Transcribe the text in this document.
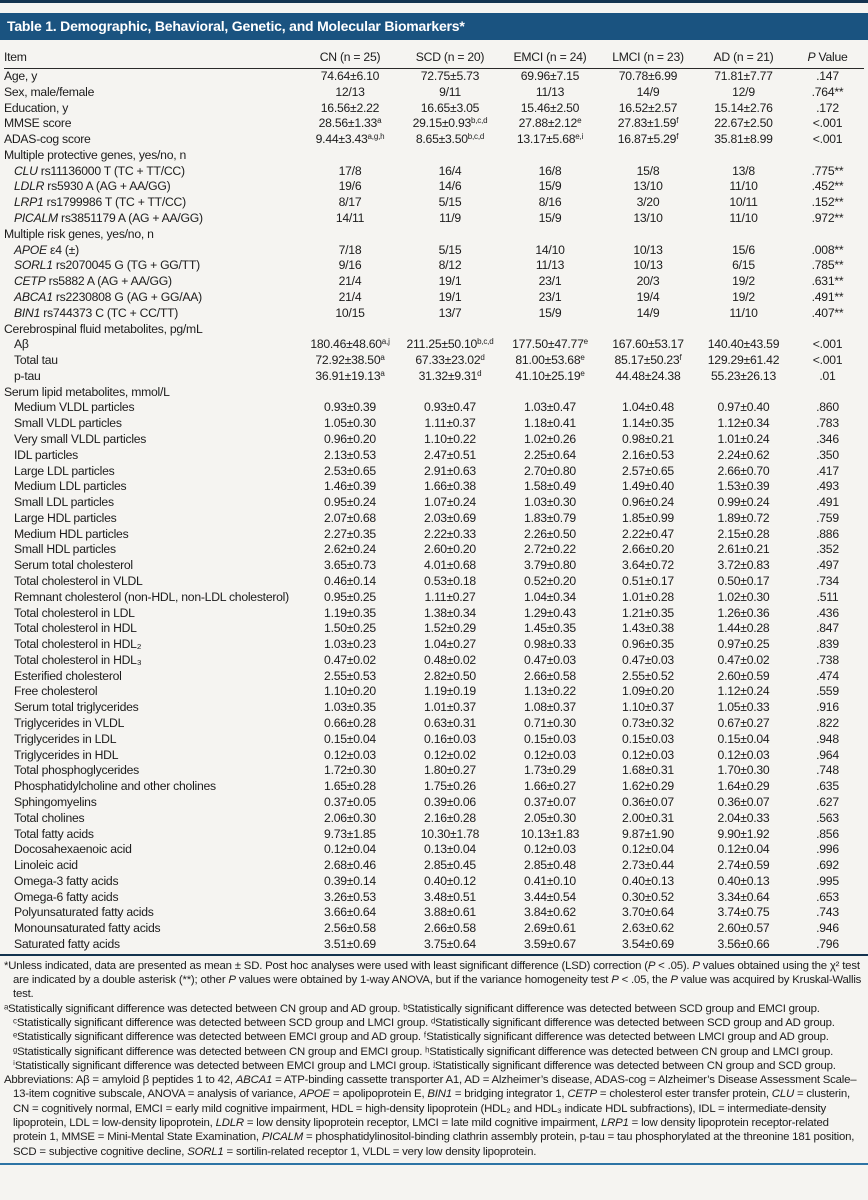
Table 1. Demographic, Behavioral, Genetic, and Molecular Biomarkers*
Item	CN (n = 25)	SCD (n = 20)	EMCI (n = 24)	LMCI (n = 23)	AD (n = 21)	P Value
Age, y	74.64±6.10	72.75±5.73	69.96±7.15	70.78±6.99	71.81±7.77	.147
Sex, male/female	12/13	9/11	11/13	14/9	12/9	.764**
Education, y	16.56±2.22	16.65±3.05	15.46±2.50	16.52±2.57	15.14±2.76	.172
MMSE score	28.56±1.33$^a$	$29.15\pm 0.93^{b,c,d}$	27.88±2.12$^e$	27.83±1.59$^f$	22.67±2.50	<.001
ADAS-cog score	$9.44\pm 3.43^{a,g,h}$	$8.65\pm 3.50^{b,c,d}$	$13.17\pm 5.68^{e,i}$	16.87±5.29$^f$	35.81±8.99	<.001
Multiple protective genes, yes/no, n
CLU rs11136000 T (TC + TT/CC)	17/8	16/4	16/8	15/8	13/8	.775**
LDLR rs5930 A (AG + AA/GG)	19/6	14/6	15/9	13/10	11/10	.452**
LRP1 rs1799986 T (TC + TT/CC)	8/17	5/15	8/16	3/20	10/11	.152**
PICALM rs3851179 A (AG + AA/GG)	14/11	11/9	15/9	13/10	11/10	.972**
Multiple risk genes, yes/no, n
APOE ε4 (±)	7/18	5/15	14/10	10/13	15/6	.008**
SORL1 rs2070045 G (TG + GG/TT)	9/16	8/12	11/13	10/13	6/15	.785**
CETP rs5882 A (AG + AA/GG)	21/4	19/1	23/1	20/3	19/2	.631**
ABCA1 rs2230808 G (AG + GG/AA)	21/4	19/1	23/1	19/4	19/2	.491**
BIN1 rs744373 C (TC + CC/TT)	10/15	13/7	15/9	14/9	11/10	.407**
Cerebrospinal fluid metabolites, pg/mL
Aβ	$180.46\pm 48.60^{a,j}$	$211.25\pm 50.10^{b,c,d}$	177.50±47.77$^e$	167.60±53.17	140.40±43.59	<.001
Total tau	72.92±38.50$^a$	67.33±23.02$^d$	81.00±53.68$^e$	85.17±50.23$^f$	129.29±61.42	<.001
p-tau	36.91±19.13$^a$	31.32±9.31$^d$	41.10±25.19$^e$	44.48±24.38	55.23±26.13	.01
Serum lipid metabolites, mmol/L
Medium VLDL particles	0.93±0.39	0.93±0.47	1.03±0.47	1.04±0.48	0.97±0.40	.860
Small VLDL particles	1.05±0.30	1.11±0.37	1.18±0.41	1.14±0.35	1.12±0.34	.783
Very small VLDL particles	0.96±0.20	1.10±0.22	1.02±0.26	0.98±0.21	1.01±0.24	.346
IDL particles	2.13±0.53	2.47±0.51	2.25±0.64	2.16±0.53	2.24±0.62	.350
Large LDL particles	2.53±0.65	2.91±0.63	2.70±0.80	2.57±0.65	2.66±0.70	.417
Medium LDL particles	1.46±0.39	1.66±0.38	1.58±0.49	1.49±0.40	1.53±0.39	.493
Small LDL particles	0.95±0.24	1.07±0.24	1.03±0.30	0.96±0.24	0.99±0.24	.491
Large HDL particles	2.07±0.68	2.03±0.69	1.83±0.79	1.85±0.99	1.89±0.72	.759
Medium HDL particles	2.27±0.35	2.22±0.33	2.26±0.50	2.22±0.47	2.15±0.28	.886
Small HDL particles	2.62±0.24	2.60±0.20	2.72±0.22	2.66±0.20	2.61±0.21	.352
Serum total cholesterol	3.65±0.73	4.01±0.68	3.79±0.80	3.64±0.72	3.72±0.83	.497
Total cholesterol in VLDL	0.46±0.14	0.53±0.18	0.52±0.20	0.51±0.17	0.50±0.17	.734
Remnant cholesterol (non-HDL, non-LDL cholesterol)	0.95±0.25	1.11±0.27	1.04±0.34	1.01±0.28	1.02±0.30	.511
Total cholesterol in LDL	1.19±0.35	1.38±0.34	1.29±0.43	1.21±0.35	1.26±0.36	.436
Total cholesterol in HDL	1.50±0.25	1.52±0.29	1.45±0.35	1.43±0.38	1.44±0.28	.847
Total cholesterol in HDL₂	1.03±0.23	1.04±0.27	0.98±0.33	0.96±0.35	0.97±0.25	.839
Total cholesterol in HDL₃	0.47±0.02	0.48±0.02	0.47±0.03	0.47±0.03	0.47±0.02	.738
Esterified cholesterol	2.55±0.53	2.82±0.50	2.66±0.58	2.55±0.52	2.60±0.59	.474
Free cholesterol	1.10±0.20	1.19±0.19	1.13±0.22	1.09±0.20	1.12±0.24	.559
Serum total triglycerides	1.03±0.35	1.01±0.37	1.08±0.37	1.10±0.37	1.05±0.33	.916
Triglycerides in VLDL	0.66±0.28	0.63±0.31	0.71±0.30	0.73±0.32	0.67±0.27	.822
Triglycerides in LDL	0.15±0.04	0.16±0.03	0.15±0.03	0.15±0.03	0.15±0.04	.948
Triglycerides in HDL	0.12±0.03	0.12±0.02	0.12±0.03	0.12±0.03	0.12±0.03	.964
Total phosphoglycerides	1.72±0.30	1.80±0.27	1.73±0.29	1.68±0.31	1.70±0.30	.748
Phosphatidylcholine and other cholines	1.65±0.28	1.75±0.26	1.66±0.27	1.62±0.29	1.64±0.29	.635
Sphingomyelins	0.37±0.05	0.39±0.06	0.37±0.07	0.36±0.07	0.36±0.07	.627
Total cholines	2.06±0.30	2.16±0.28	2.05±0.30	2.00±0.31	2.04±0.33	.563
Total fatty acids	9.73±1.85	10.30±1.78	10.13±1.83	9.87±1.90	9.90±1.92	.856
Docosahexaenoic acid	0.12±0.04	0.13±0.04	0.12±0.03	0.12±0.04	0.12±0.04	.996
Linoleic acid	2.68±0.46	2.85±0.45	2.85±0.48	2.73±0.44	2.74±0.59	.692
Omega-3 fatty acids	0.39±0.14	0.40±0.12	0.41±0.10	0.40±0.13	0.40±0.13	.995
Omega-6 fatty acids	3.26±0.53	3.48±0.51	3.44±0.54	0.30±0.52	3.34±0.64	.653
Polyunsaturated fatty acids	3.66±0.64	3.88±0.61	3.84±0.62	3.70±0.64	3.74±0.75	.743
Monounsaturated fatty acids	2.56±0.58	2.66±0.58	2.69±0.61	2.63±0.62	2.60±0.57	.946
Saturated fatty acids	3.51±0.69	3.75±0.64	3.59±0.67	3.54±0.69	3.56±0.66	.796

*Unless indicated, data are presented as mean ± SD. Post hoc analyses were used with least significant difference (LSD) correction (P < .05). P values obtained using the χ² test are indicated by a double asterisk (**); other P values were obtained by 1-way ANOVA, but if the variance homogeneity test P < .05, the P value was acquired by Kruskal-Wallis test.

ᵃStatistically significant difference was detected between CN group and AD group. ᵇStatistically significant difference was detected between SCD group and EMCI group. ᶜStatistically significant difference was detected between SCD group and LMCI group. ᵈStatistically significant difference was detected between SCD group and AD group. ᵉStatistically significant difference was detected between EMCI group and AD group. ᶠStatistically significant difference was detected between LMCI group and AD group. ᵍStatistically significant difference was detected between CN group and EMCI group. ʰStatistically significant difference was detected between CN group and LMCI group. ⁱStatistically significant difference was detected between EMCI group and LMCI group. ʲStatistically significant difference was detected between CN group and SCD group.

Abbreviations: Aβ = amyloid β peptides 1 to 42, ABCA1 = ATP-binding cassette transporter A1, AD = Alzheimer’s disease, ADAS-cog = Alzheimer’s Disease Assessment Scale–13-item cognitive subscale, ANOVA = analysis of variance, APOE = apolipoprotein E, BIN1 = bridging integrator 1, CETP = cholesterol ester transfer protein, CLU = clusterin, CN = cognitively normal, EMCI = early mild cognitive impairment, HDL = high-density lipoprotein (HDL₂ and HDL₃ indicate HDL subfractions), IDL = intermediate-density lipoprotein, LDL = low-density lipoprotein, LDLR = low density lipoprotein receptor, LMCI = late mild cognitive impairment, LRP1 = low density lipoprotein receptor-related protein 1, MMSE = Mini-Mental State Examination, PICALM = phosphatidylinositol-binding clathrin assembly protein, p-tau = tau phosphorylated at the threonine 181 position, SCD = subjective cognitive decline, SORL1 = sortilin-related receptor 1, VLDL = very low density lipoprotein.
